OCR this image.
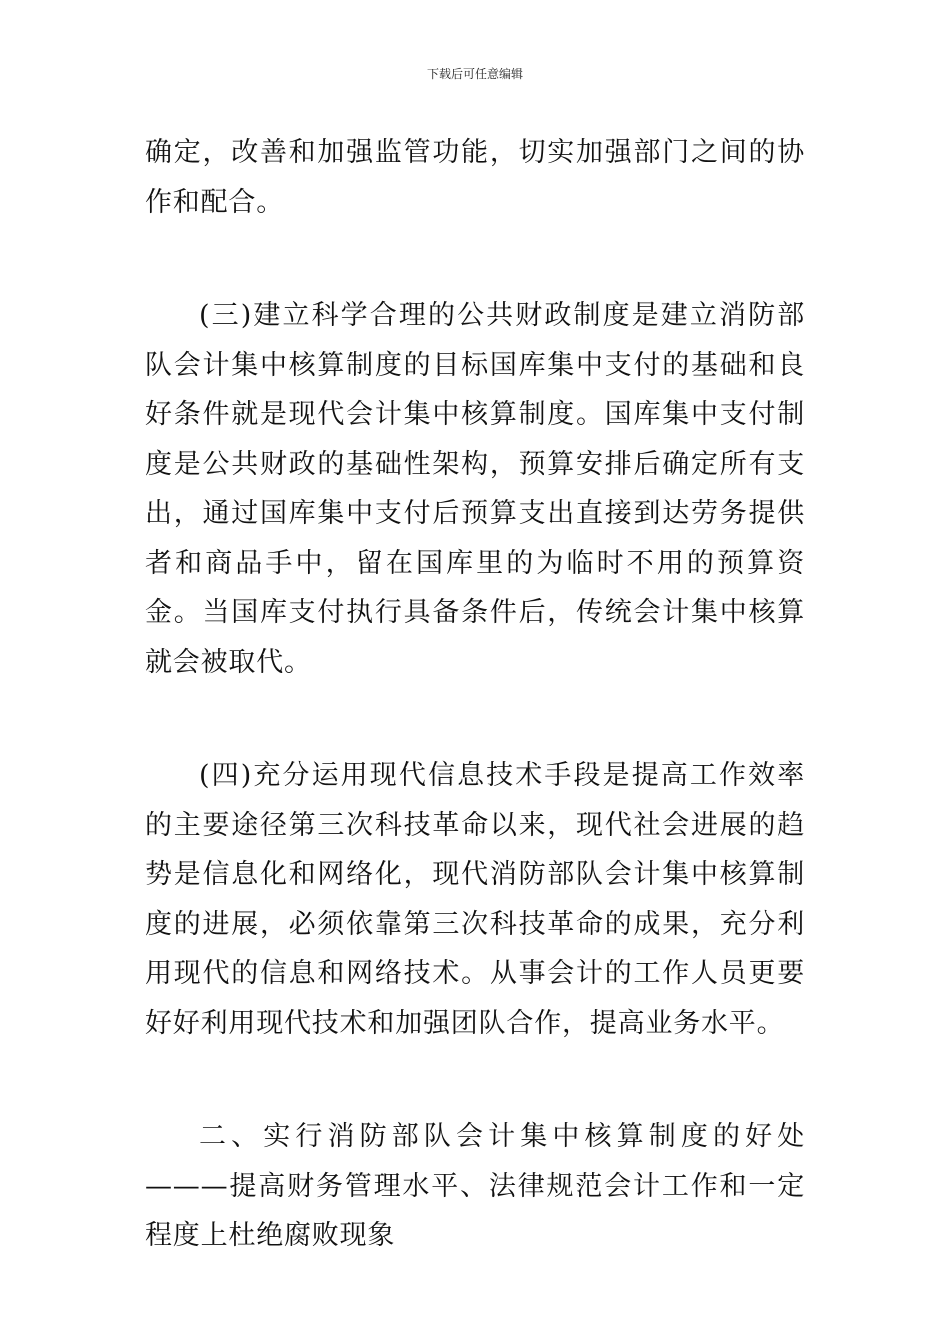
下载后可任意编辑

确定，改善和加强监管功能，切实加强部门之间的协作和配合。

(三)建立科学合理的公共财政制度是建立消防部队会计集中核算制度的目标国库集中支付的基础和良好条件就是现代会计集中核算制度。国库集中支付制度是公共财政的基础性架构，预算安排后确定所有支出，通过国库集中支付后预算支出直接到达劳务提供者和商品手中，留在国库里的为临时不用的预算资金。当国库支付执行具备条件后，传统会计集中核算就会被取代。

(四)充分运用现代信息技术手段是提高工作效率的主要途径第三次科技革命以来，现代社会进展的趋势是信息化和网络化，现代消防部队会计集中核算制度的进展，必须依靠第三次科技革命的成果，充分利用现代的信息和网络技术。从事会计的工作人员更要好好利用现代技术和加强团队合作，提高业务水平。

二、实行消防部队会计集中核算制度的好处———提高财务管理水平、法律规范会计工作和一定程度上杜绝腐败现象
